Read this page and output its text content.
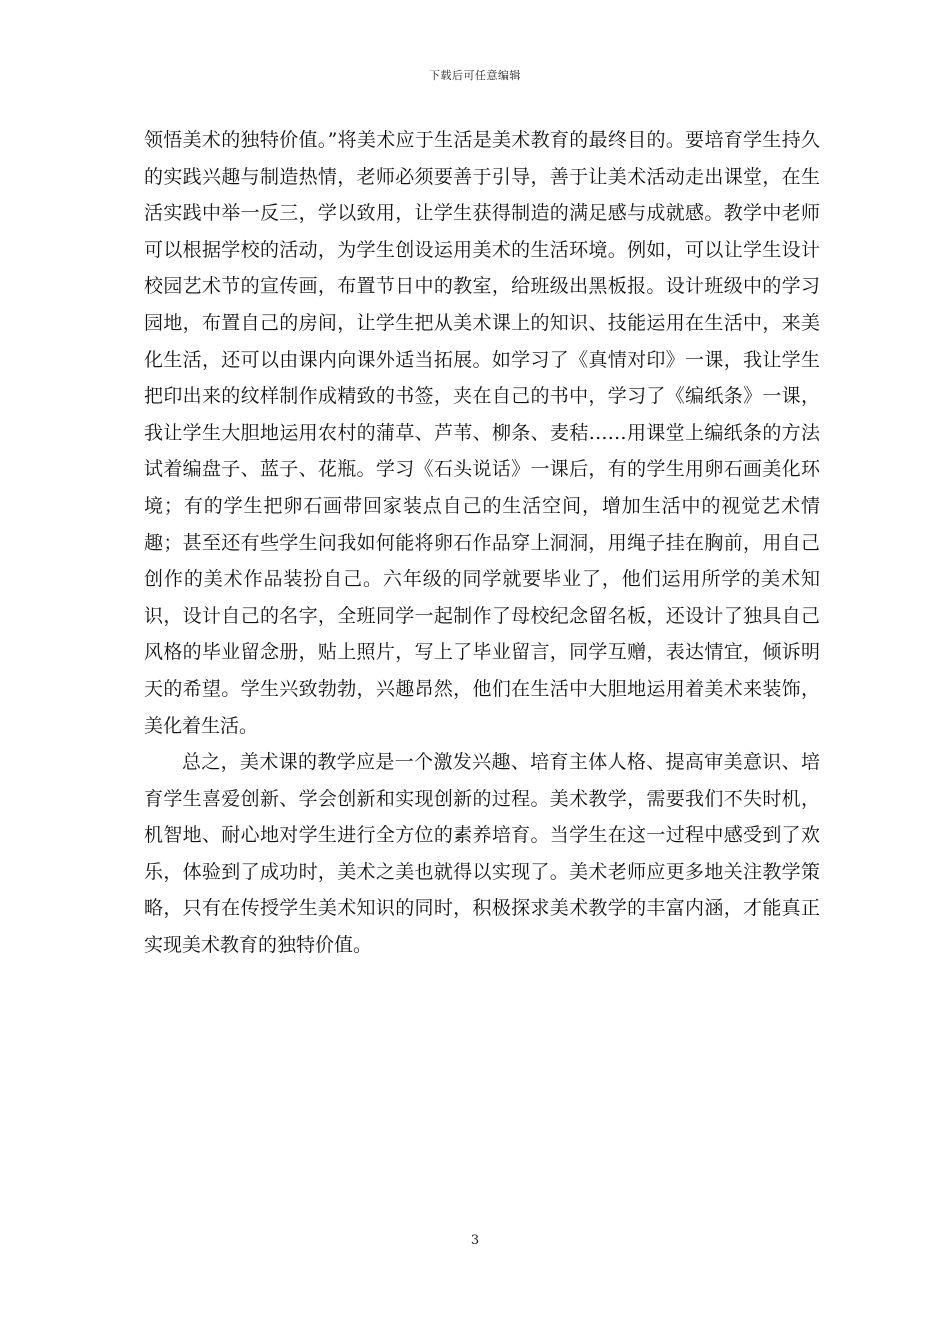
下载后可任意编辑

领悟美术的独特价值。”将美术应于生活是美术教育的最终目的。要培育学生持久的实践兴趣与制造热情，老师必须要善于引导，善于让美术活动走出课堂，在生活实践中举一反三，学以致用，让学生获得制造的满足感与成就感。教学中老师可以根据学校的活动，为学生创设运用美术的生活环境。例如，可以让学生设计校园艺术节的宣传画，布置节日中的教室，给班级出黑板报。设计班级中的学习园地，布置自己的房间，让学生把从美术课上的知识、技能运用在生活中，来美化生活，还可以由课内向课外适当拓展。如学习了《真情对印》一课，我让学生把印出来的纹样制作成精致的书签，夹在自己的书中，学习了《编纸条》一课，我让学生大胆地运用农村的蒲草、芦苇、柳条、麦秸……用课堂上编纸条的方法试着编盘子、蓝子、花瓶。学习《石头说话》一课后，有的学生用卵石画美化环境；有的学生把卵石画带回家装点自己的生活空间，增加生活中的视觉艺术情趣；甚至还有些学生问我如何能将卵石作品穿上洞洞，用绳子挂在胸前，用自己创作的美术作品装扮自己。六年级的同学就要毕业了，他们运用所学的美术知识，设计自己的名字，全班同学一起制作了母校纪念留名板，还设计了独具自己风格的毕业留念册，贴上照片，写上了毕业留言，同学互赠，表达情宜，倾诉明天的希望。学生兴致勃勃，兴趣昂然，他们在生活中大胆地运用着美术来装饰，美化着生活。

总之，美术课的教学应是一个激发兴趣、培育主体人格、提高审美意识、培育学生喜爱创新、学会创新和实现创新的过程。美术教学，需要我们不失时机，机智地、耐心地对学生进行全方位的素养培育。当学生在这一过程中感受到了欢乐，体验到了成功时，美术之美也就得以实现了。美术老师应更多地关注教学策略，只有在传授学生美术知识的同时，积极探求美术教学的丰富内涵，才能真正实现美术教育的独特价值。

3
